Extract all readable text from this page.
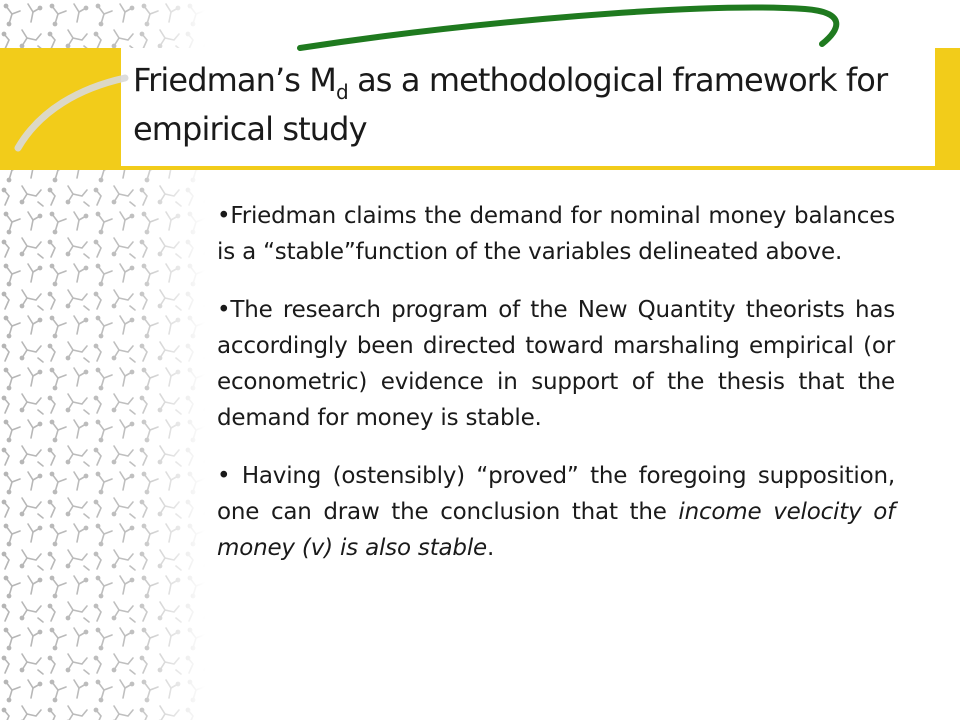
Friedman’s $M_d$ as a methodological framework for empirical study

•Friedman claims the demand for nominal money balances is a “stable”function of the variables delineated above.

•The research program of the New Quantity theorists has accordingly been directed toward marshaling empirical (or econometric) evidence in support of the thesis that the demand for money is stable.

• Having (ostensibly) “proved” the foregoing supposition, one can draw the conclusion that the income velocity of money (v) is also stable.
